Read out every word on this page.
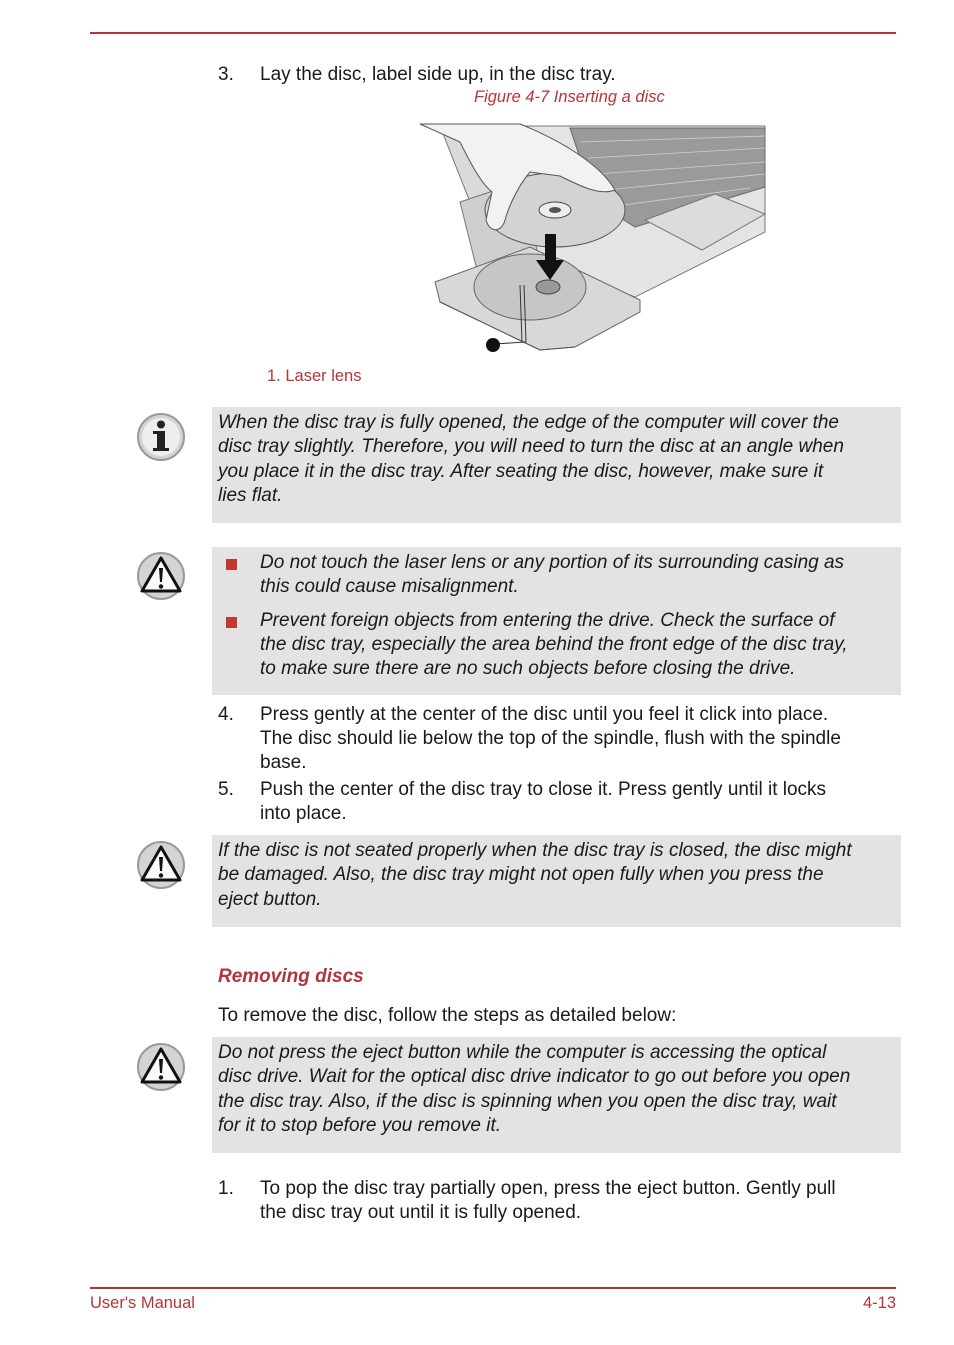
3. Lay the disc, label side up, in the disc tray.
Figure 4-7 Inserting a disc
1. Laser lens
When the disc tray is fully opened, the edge of the computer will cover the
disc tray slightly. Therefore, you will need to turn the disc at an angle when
you place it in the disc tray. After seating the disc, however, make sure it
lies flat.
Do not touch the laser lens or any portion of its surrounding casing as
this could cause misalignment.
Prevent foreign objects from entering the drive. Check the surface of
the disc tray, especially the area behind the front edge of the disc tray,
to make sure there are no such objects before closing the drive.
4. Press gently at the center of the disc until you feel it click into place.
The disc should lie below the top of the spindle, flush with the spindle
base.
5. Push the center of the disc tray to close it. Press gently until it locks
into place.
If the disc is not seated properly when the disc tray is closed, the disc might
be damaged. Also, the disc tray might not open fully when you press the
eject button.
Removing discs
To remove the disc, follow the steps as detailed below:
Do not press the eject button while the computer is accessing the optical
disc drive. Wait for the optical disc drive indicator to go out before you open
the disc tray. Also, if the disc is spinning when you open the disc tray, wait
for it to stop before you remove it.
1. To pop the disc tray partially open, press the eject button. Gently pull
the disc tray out until it is fully opened.
User's Manual	4-13
